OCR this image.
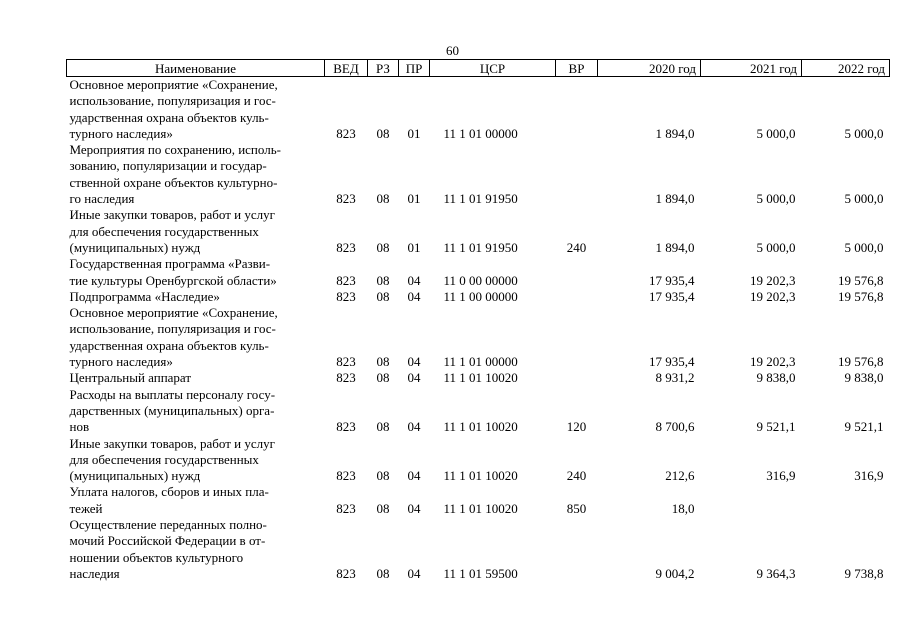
60
Наименование	ВЕД	РЗ	ПР	ЦСР	ВР	2020 год	2021 год	2022 год

Основное мероприятие «Сохранение,
использование, популяризация и гос-
ударственная охрана объектов куль-
турного наследия»	823	08	01	11 1 01 00000		1 894,0	5 000,0	5 000,0

Мероприятия по сохранению, исполь-
зованию, популяризации и государ-
ственной охране объектов культурно-
го наследия	823	08	01	11 1 01 91950		1 894,0	5 000,0	5 000,0

Иные закупки товаров, работ и услуг
для обеспечения государственных
(муниципальных) нужд	823	08	01	11 1 01 91950	240	1 894,0	5 000,0	5 000,0

Государственная программа «Разви-
тие культуры Оренбургской области»	823	08	04	11 0 00 00000		17 935,4	19 202,3	19 576,8

Подпрограмма «Наследие»	823	08	04	11 1 00 00000		17 935,4	19 202,3	19 576,8

Основное мероприятие «Сохранение,
использование, популяризация и гос-
ударственная охрана объектов куль-
турного наследия»	823	08	04	11 1 01 00000		17 935,4	19 202,3	19 576,8

Центральный аппарат	823	08	04	11 1 01 10020		8 931,2	9 838,0	9 838,0

Расходы на выплаты персоналу госу-
дарственных (муниципальных) орга-
нов	823	08	04	11 1 01 10020	120	8 700,6	9 521,1	9 521,1

Иные закупки товаров, работ и услуг
для обеспечения государственных
(муниципальных) нужд	823	08	04	11 1 01 10020	240	212,6	316,9	316,9

Уплата налогов, сборов и иных пла-
тежей	823	08	04	11 1 01 10020	850	18,0		

Осуществление переданных полно-
мочий Российской Федерации в от-
ношении объектов культурного
наследия	823	08	04	11 1 01 59500		9 004,2	9 364,3	9 738,8
